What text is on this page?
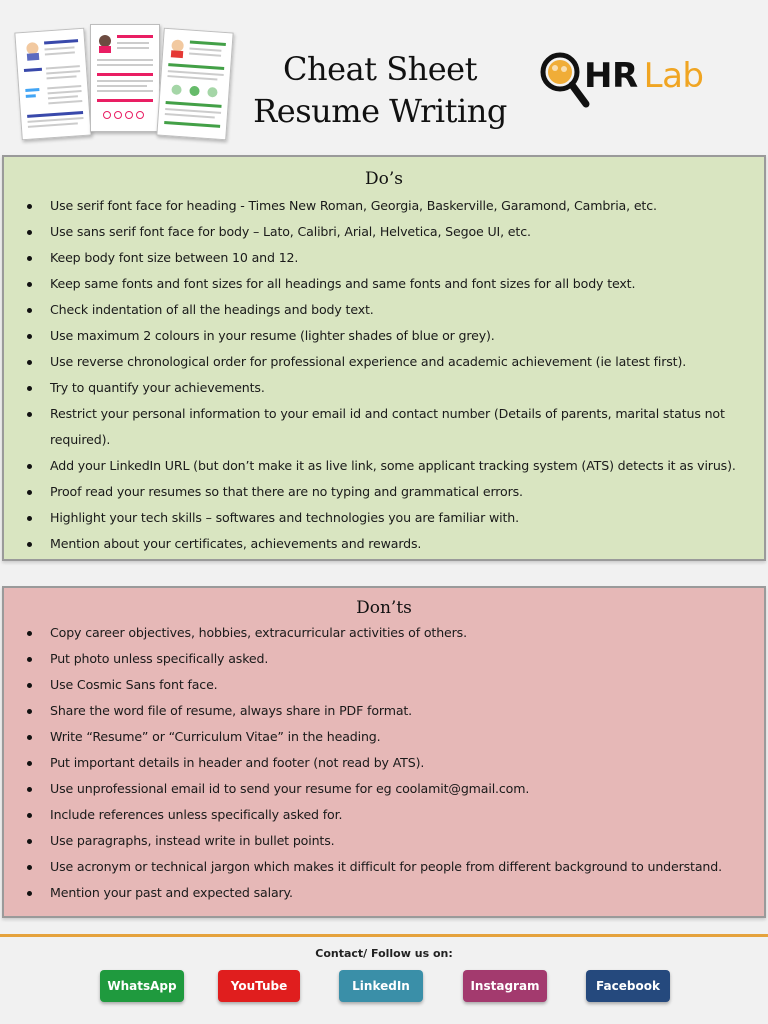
Cheat Sheet
Resume Writing
HR Lab
Do’s
Use serif font face for heading - Times New Roman, Georgia, Baskerville, Garamond, Cambria, etc.
Use sans serif font face for body – Lato, Calibri, Arial, Helvetica, Segoe UI, etc.
Keep body font size between 10 and 12.
Keep same fonts and font sizes for all headings and same fonts and font sizes for all body text.
Check indentation of all the headings and body text.
Use maximum 2 colours in your resume (lighter shades of blue or grey).
Use reverse chronological order for professional experience and academic achievement (ie latest first).
Try to quantify your achievements.
Restrict your personal information to your email id and contact number (Details of parents, marital status not required).
Add your LinkedIn URL (but don’t make it as live link, some applicant tracking system (ATS) detects it as virus).
Proof read your resumes so that there are no typing and grammatical errors.
Highlight your tech skills – softwares and technologies you are familiar with.
Mention about your certificates, achievements and rewards.
Don’ts
Copy career objectives, hobbies, extracurricular activities of others.
Put photo unless specifically asked.
Use Cosmic Sans font face.
Share the word file of resume, always share in PDF format.
Write “Resume” or “Curriculum Vitae” in the heading.
Put important details in header and footer (not read by ATS).
Use unprofessional email id to send your resume for eg coolamit@gmail.com.
Include references unless specifically asked for.
Use paragraphs, instead write in bullet points.
Use acronym or technical jargon which makes it difficult for people from different background to understand.
Mention your past and expected salary.
Contact/ Follow us on:
WhatsApp	YouTube	LinkedIn	Instagram	Facebook
